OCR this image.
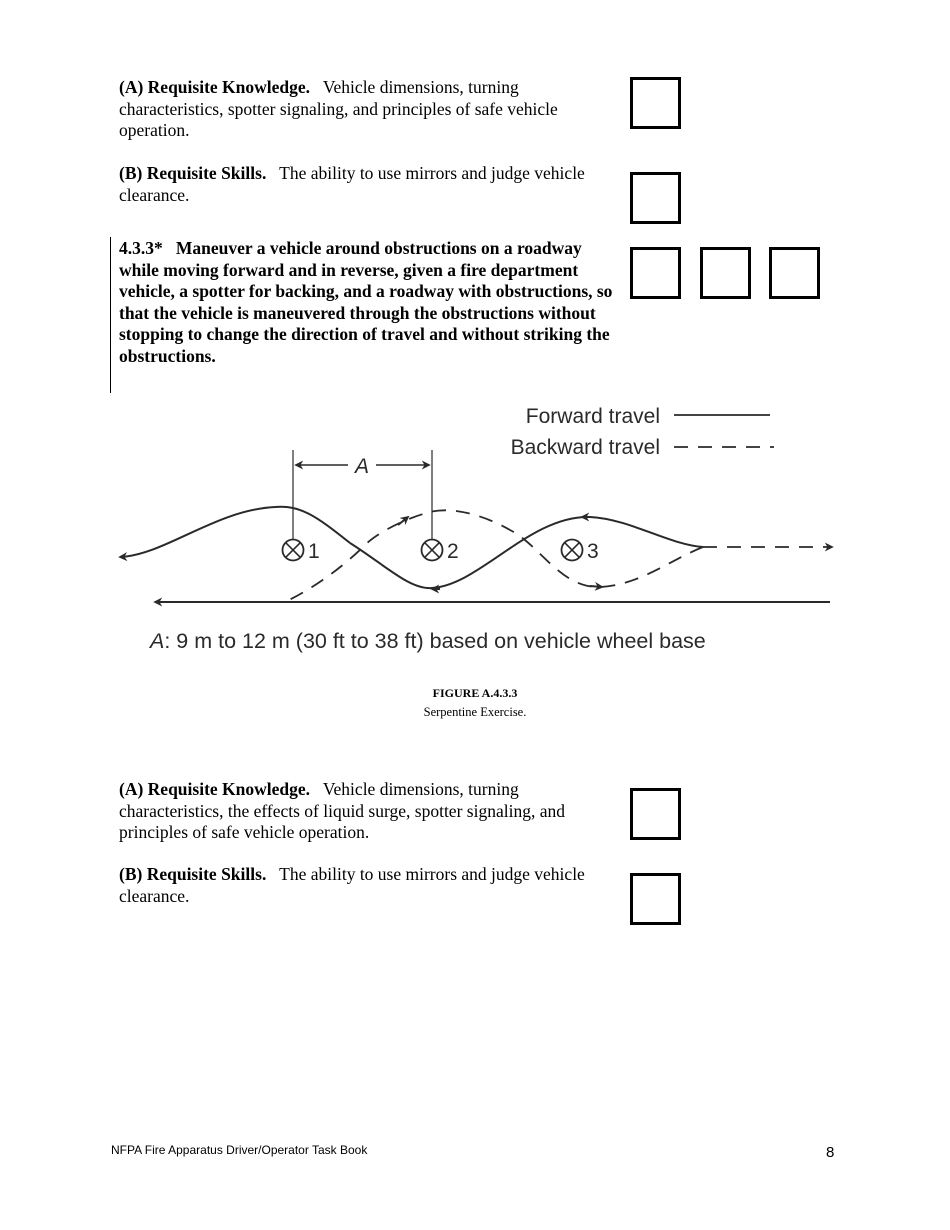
(A) Requisite Knowledge. Vehicle dimensions, turning characteristics, spotter signaling, and principles of safe vehicle operation.
(B) Requisite Skills. The ability to use mirrors and judge vehicle clearance.
4.3.3* Maneuver a vehicle around obstructions on a roadway while moving forward and in reverse, given a fire department vehicle, a spotter for backing, and a roadway with obstructions, so that the vehicle is maneuvered through the obstructions without stopping to change the direction of travel and without striking the obstructions.
Forward travel
Backward travel
A
1	2	3
A: 9 m to 12 m (30 ft to 38 ft) based on vehicle wheel base
FIGURE A.4.3.3
Serpentine Exercise.
(A) Requisite Knowledge. Vehicle dimensions, turning characteristics, the effects of liquid surge, spotter signaling, and principles of safe vehicle operation.
(B) Requisite Skills. The ability to use mirrors and judge vehicle clearance.
NFPA Fire Apparatus Driver/Operator Task Book	8
